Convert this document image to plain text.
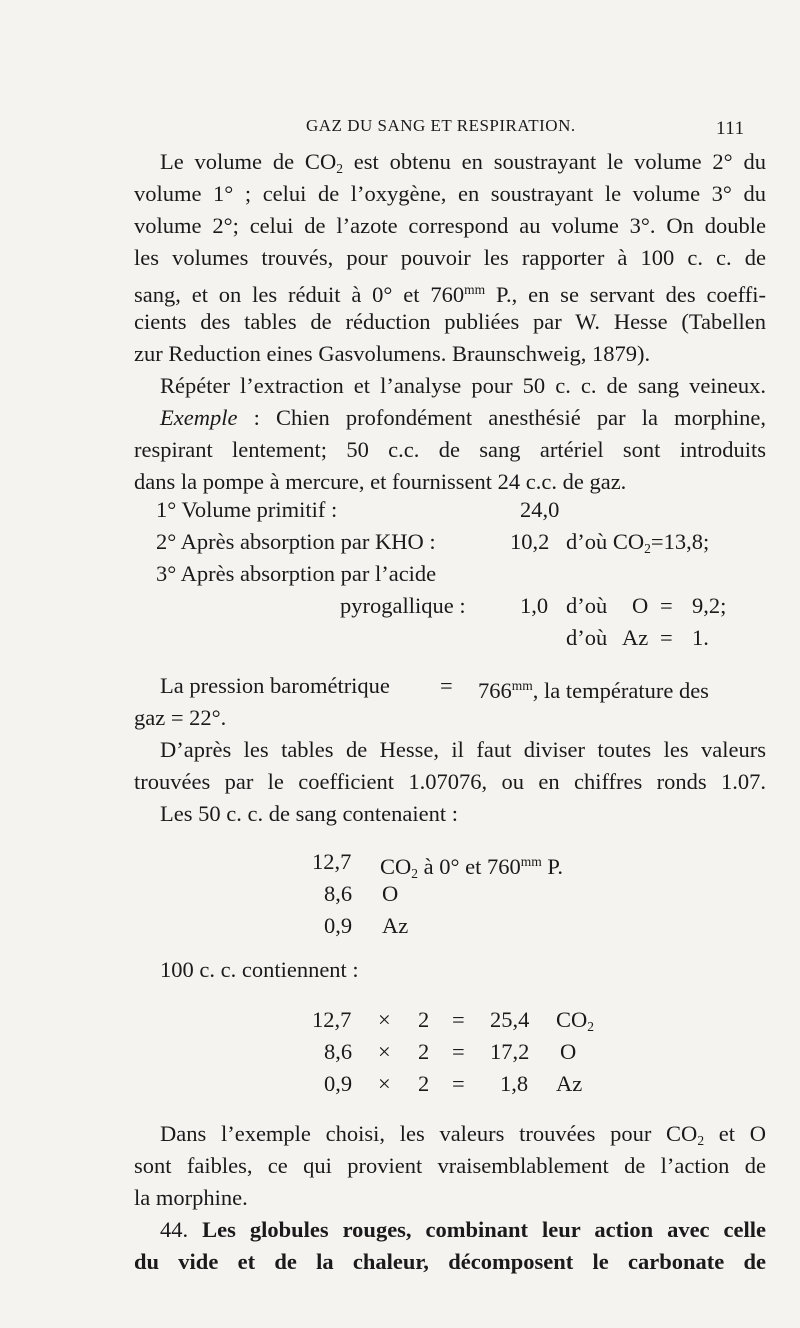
GAZ DU SANG ET RESPIRATION.	111
Le volume de $CO_2$ est obtenu en soustrayant le volume 2° du
volume 1° ; celui de l’oxygène, en soustrayant le volume 3° du
volume 2°; celui de l’azote correspond au volume 3°. On double
les volumes trouvés, pour pouvoir les rapporter à 100 c. c. de
sang, et on les réduit à 0° et $760^{mm}$ P., en se servant des coeffi-
cients des tables de réduction publiées par W. Hesse (Tabellen
zur Reduction eines Gasvolumens. Braunschweig, 1879).
Répéter l’extraction et l’analyse pour 50 c. c. de sang veineux.
Exemple : Chien profondément anesthésié par la morphine,
respirant lentement; 50 c.c. de sang artériel sont introduits
dans la pompe à mercure, et fournissent 24 c.c. de gaz.
1° Volume primitif :	24,0
2° Après absorption par KHO :	10,2 d’où $CO_2=13,8$;
3° Après absorption par l’acide
pyrogallique : 1,0 d’où O = 9,2;
d’où Az = 1.
La pression barométrique = $766^{mm}$, la température des
gaz = 22°.
D’après les tables de Hesse, il faut diviser toutes les valeurs
trouvées par le coefficient 1.07076, ou en chiffres ronds 1.07.
Les 50 c. c. de sang contenaient :
12,7 $CO_2$ à 0° et $760^{mm}$ P.
8,6 O
0,9 Az
100 c. c. contiennent :
12,7 × 2 = 25,4 $CO_2$
8,6 × 2 = 17,2 O
0,9 × 2 = 1,8 Az
Dans l’exemple choisi, les valeurs trouvées pour $CO_2$ et O
sont faibles, ce qui provient vraisemblablement de l’action de
la morphine.
44. Les globules rouges, combinant leur action avec celle
du vide et de la chaleur, décomposent le carbonate de
